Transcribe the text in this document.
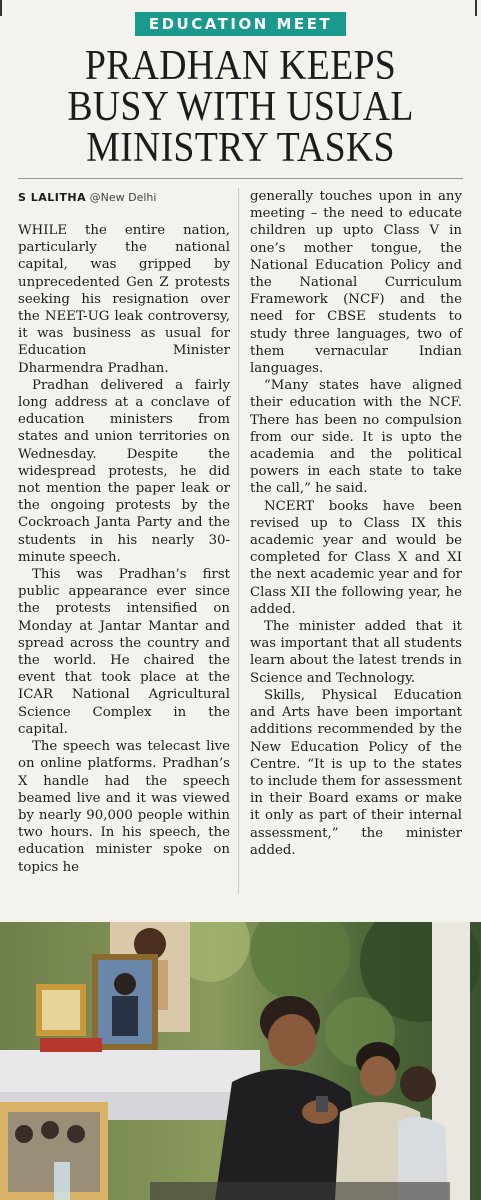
EDUCATION MEET
PRADHAN KEEPS
BUSY WITH USUAL
MINISTRY TASKS
S LALITHA @New Delhi

WHILE the entire nation, particularly the national capital, was gripped by unprecedented Gen Z protests seeking his resignation over the NEET-UG leak controversy, it was business as usual for Education Minister Dharmendra Pradhan.

Pradhan delivered a fairly long address at a conclave of education ministers from states and union territories on Wednesday. Despite the widespread protests, he did not mention the paper leak or the ongoing protests by the Cockroach Janta Party and the students in his nearly 30-minute speech.

This was Pradhan’s first public appearance ever since the protests intensified on Monday at Jantar Mantar and spread across the country and the world. He chaired the event that took place at the ICAR National Agricultural Science Complex in the capital.

The speech was telecast live on online platforms. Pradhan’s X handle had the speech beamed live and it was viewed by nearly 90,000 people within two hours. In his speech, the education minister spoke on topics he

generally touches upon in any meeting – the need to educate children up upto Class V in one’s mother tongue, the National Education Policy and the National Curriculum Framework (NCF) and the need for CBSE students to study three languages, two of them vernacular Indian languages.

“Many states have aligned their education with the NCF. There has been no compulsion from our side. It is upto the academia and the political powers in each state to take the call,” he said.

NCERT books have been revised up to Class IX this academic year and would be completed for Class X and XI the next academic year and for Class XII the following year, he added.

The minister added that it was important that all students learn about the latest trends in Science and Technology.

Skills, Physical Education and Arts have been important additions recommended by the New Education Policy of the Centre. “It is up to the states to include them for assessment in their Board exams or make it only as part of their internal assessment,” the minister added.
